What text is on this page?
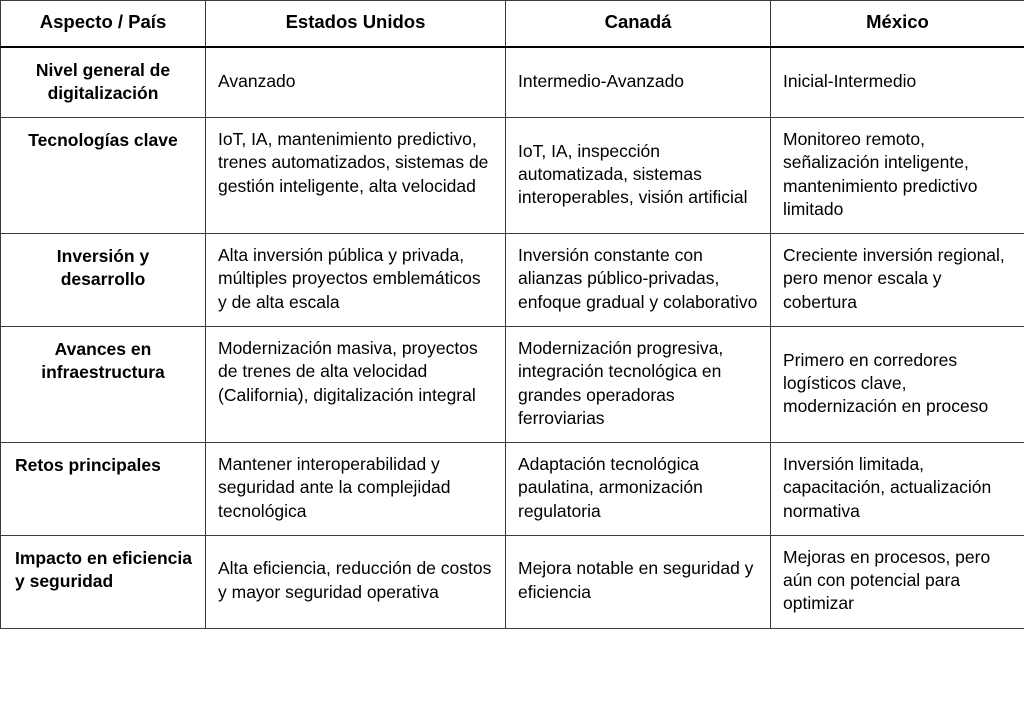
Aspecto / País	Estados Unidos	Canadá	México
Nivel general de digitalización	Avanzado	Intermedio-Avanzado	Inicial-Intermedio
Tecnologías clave	IoT, IA, mantenimiento predictivo, trenes automatizados, sistemas de gestión inteligente, alta velocidad	IoT, IA, inspección automatizada, sistemas interoperables, visión artificial	Monitoreo remoto, señalización inteligente, mantenimiento predictivo limitado
Inversión y desarrollo	Alta inversión pública y privada, múltiples proyectos emblemáticos y de alta escala	Inversión constante con alianzas público-privadas, enfoque gradual y colaborativo	Creciente inversión regional, pero menor escala y cobertura
Avances en infraestructura	Modernización masiva, proyectos de trenes de alta velocidad (California), digitalización integral	Modernización progresiva, integración tecnológica en grandes operadoras ferroviarias	Primero en corredores logísticos clave, modernización en proceso
Retos principales	Mantener interoperabilidad y seguridad ante la complejidad tecnológica	Adaptación tecnológica paulatina, armonización regulatoria	Inversión limitada, capacitación, actualización normativa
Impacto en eficiencia y seguridad	Alta eficiencia, reducción de costos y mayor seguridad operativa	Mejora notable en seguridad y eficiencia	Mejoras en procesos, pero aún con potencial para optimizar
